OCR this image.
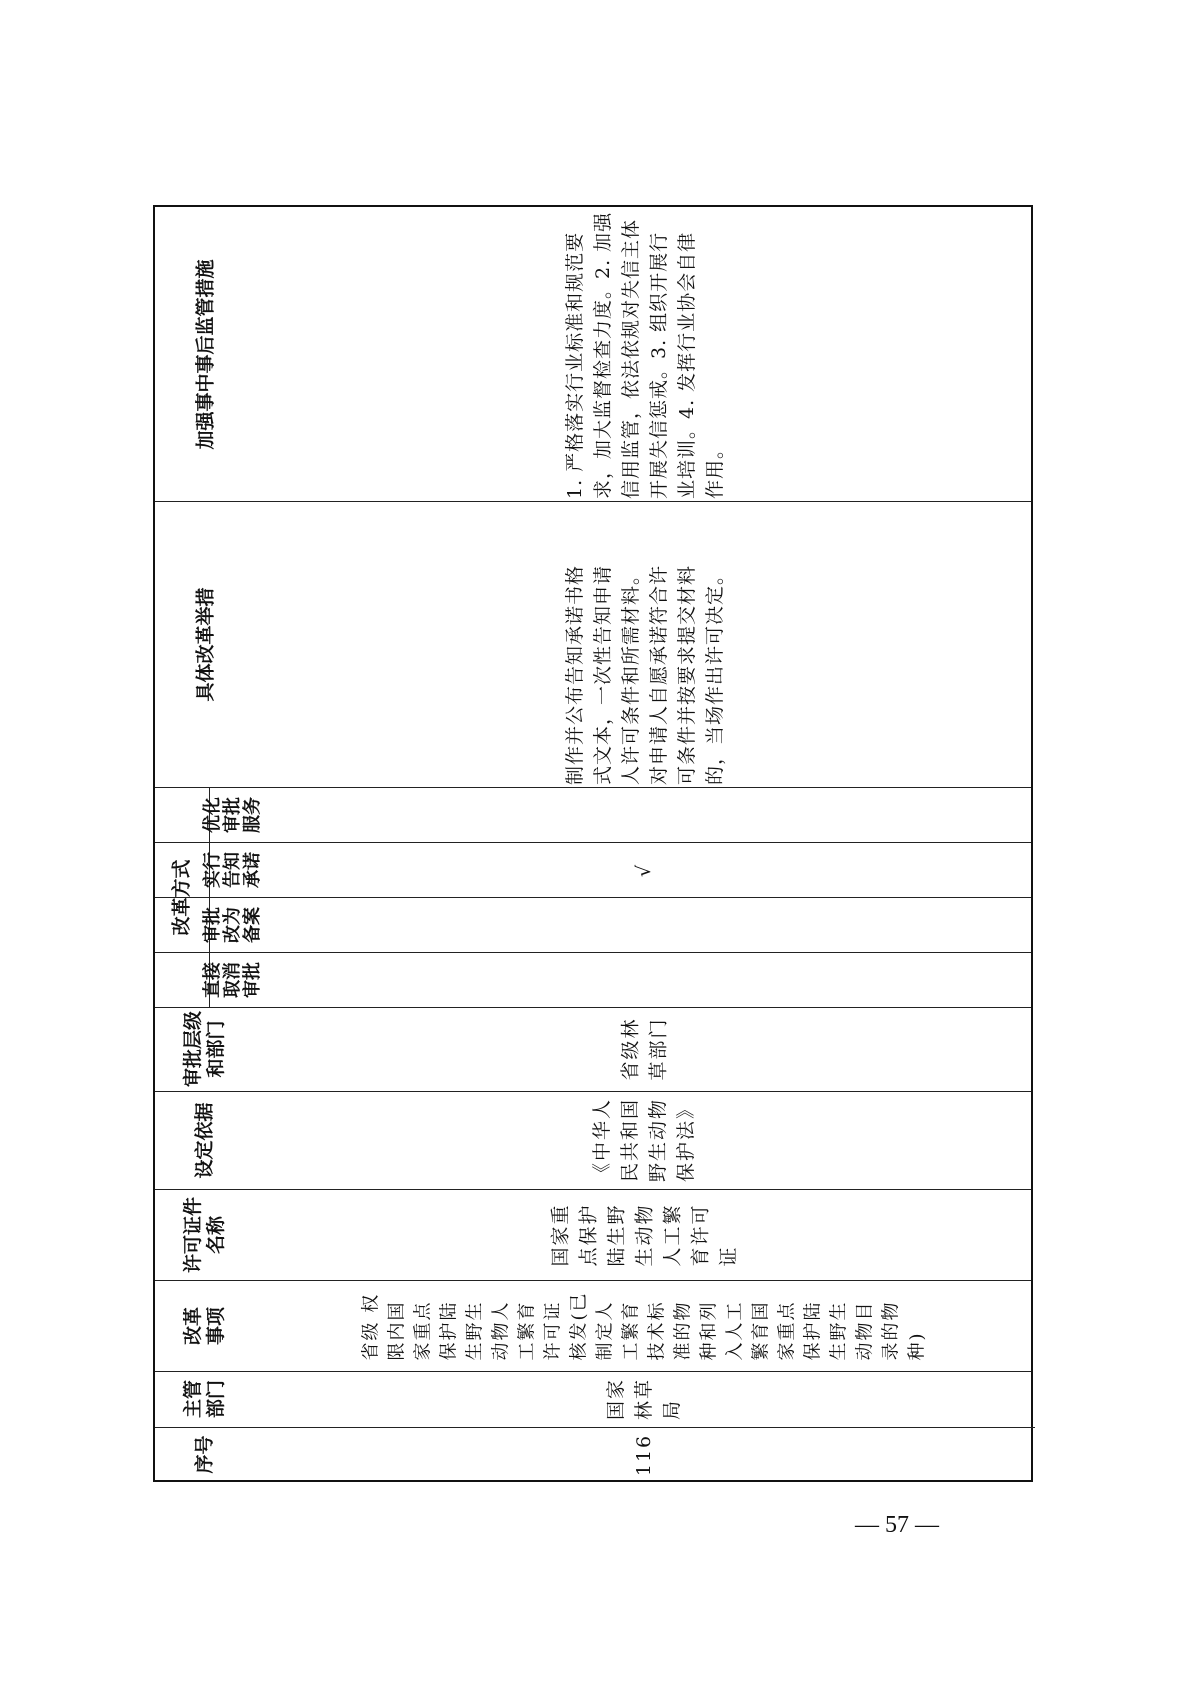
加强事中事后监管措施
具体改革举措
改革方式
优化
审批
服务
实行
告知
承诺
审批
改为
备案
直接
取消
审批
审批层级
和部门
设定依据
许可证件
名称
改革
事项
主管
部门
序号
1. 严格落实行业标准和规范要
求，加大监督检查力度。2. 加强
信用监管，依法依规对失信主体
开展失信惩戒。3. 组织开展行
业培训。4. 发挥行业协会自律
作用。
制作并公布告知承诺书格
式文本，一次性告知申请
人许可条件和所需材料。
对申请人自愿承诺符合许
可条件并按要求提交材料
的，当场作出许可决定。
√
省级林
草部门
《中华人
民共和国
野生动物
保护法》
国家重
点保护
陆生野
生动物
人工繁
育许可
证
省级 权
限内国
家重点
保护陆
生野生
动物人
工繁育
许可证
核发(已
制定人
工繁育
技术标
准的物
种和列
入人工
繁育国
家重点
保护陆
生野生
动物目
录的物
种)
国家
林草
局
116
— 57 —
